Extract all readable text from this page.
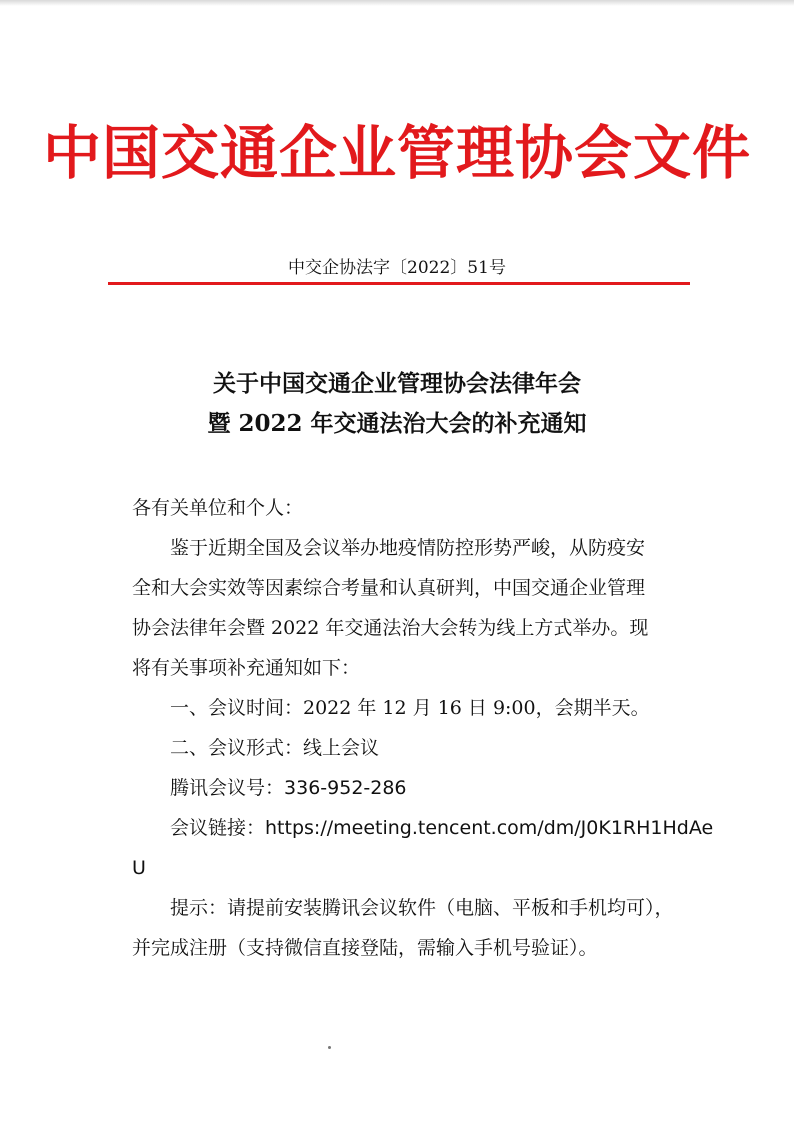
中国交通企业管理协会文件
中交企协法字〔2022〕51号
关于中国交通企业管理协会法律年会
暨 2022 年交通法治大会的补充通知

各有关单位和个人：

鉴于近期全国及会议举办地疫情防控形势严峻，从防疫安

全和大会实效等因素综合考量和认真研判，中国交通企业管理

协会法律年会暨 2022 年交通法治大会转为线上方式举办。现

将有关事项补充通知如下：

一、会议时间：2022 年 12 月 16 日 9:00，会期半天。

二、会议形式：线上会议

腾讯会议号：336-952-286

会议链接：https://meeting.tencent.com/dm/J0K1RH1HdAe

U

提示：请提前安装腾讯会议软件（电脑、平板和手机均可），

并完成注册（支持微信直接登陆，需输入手机号验证）。
